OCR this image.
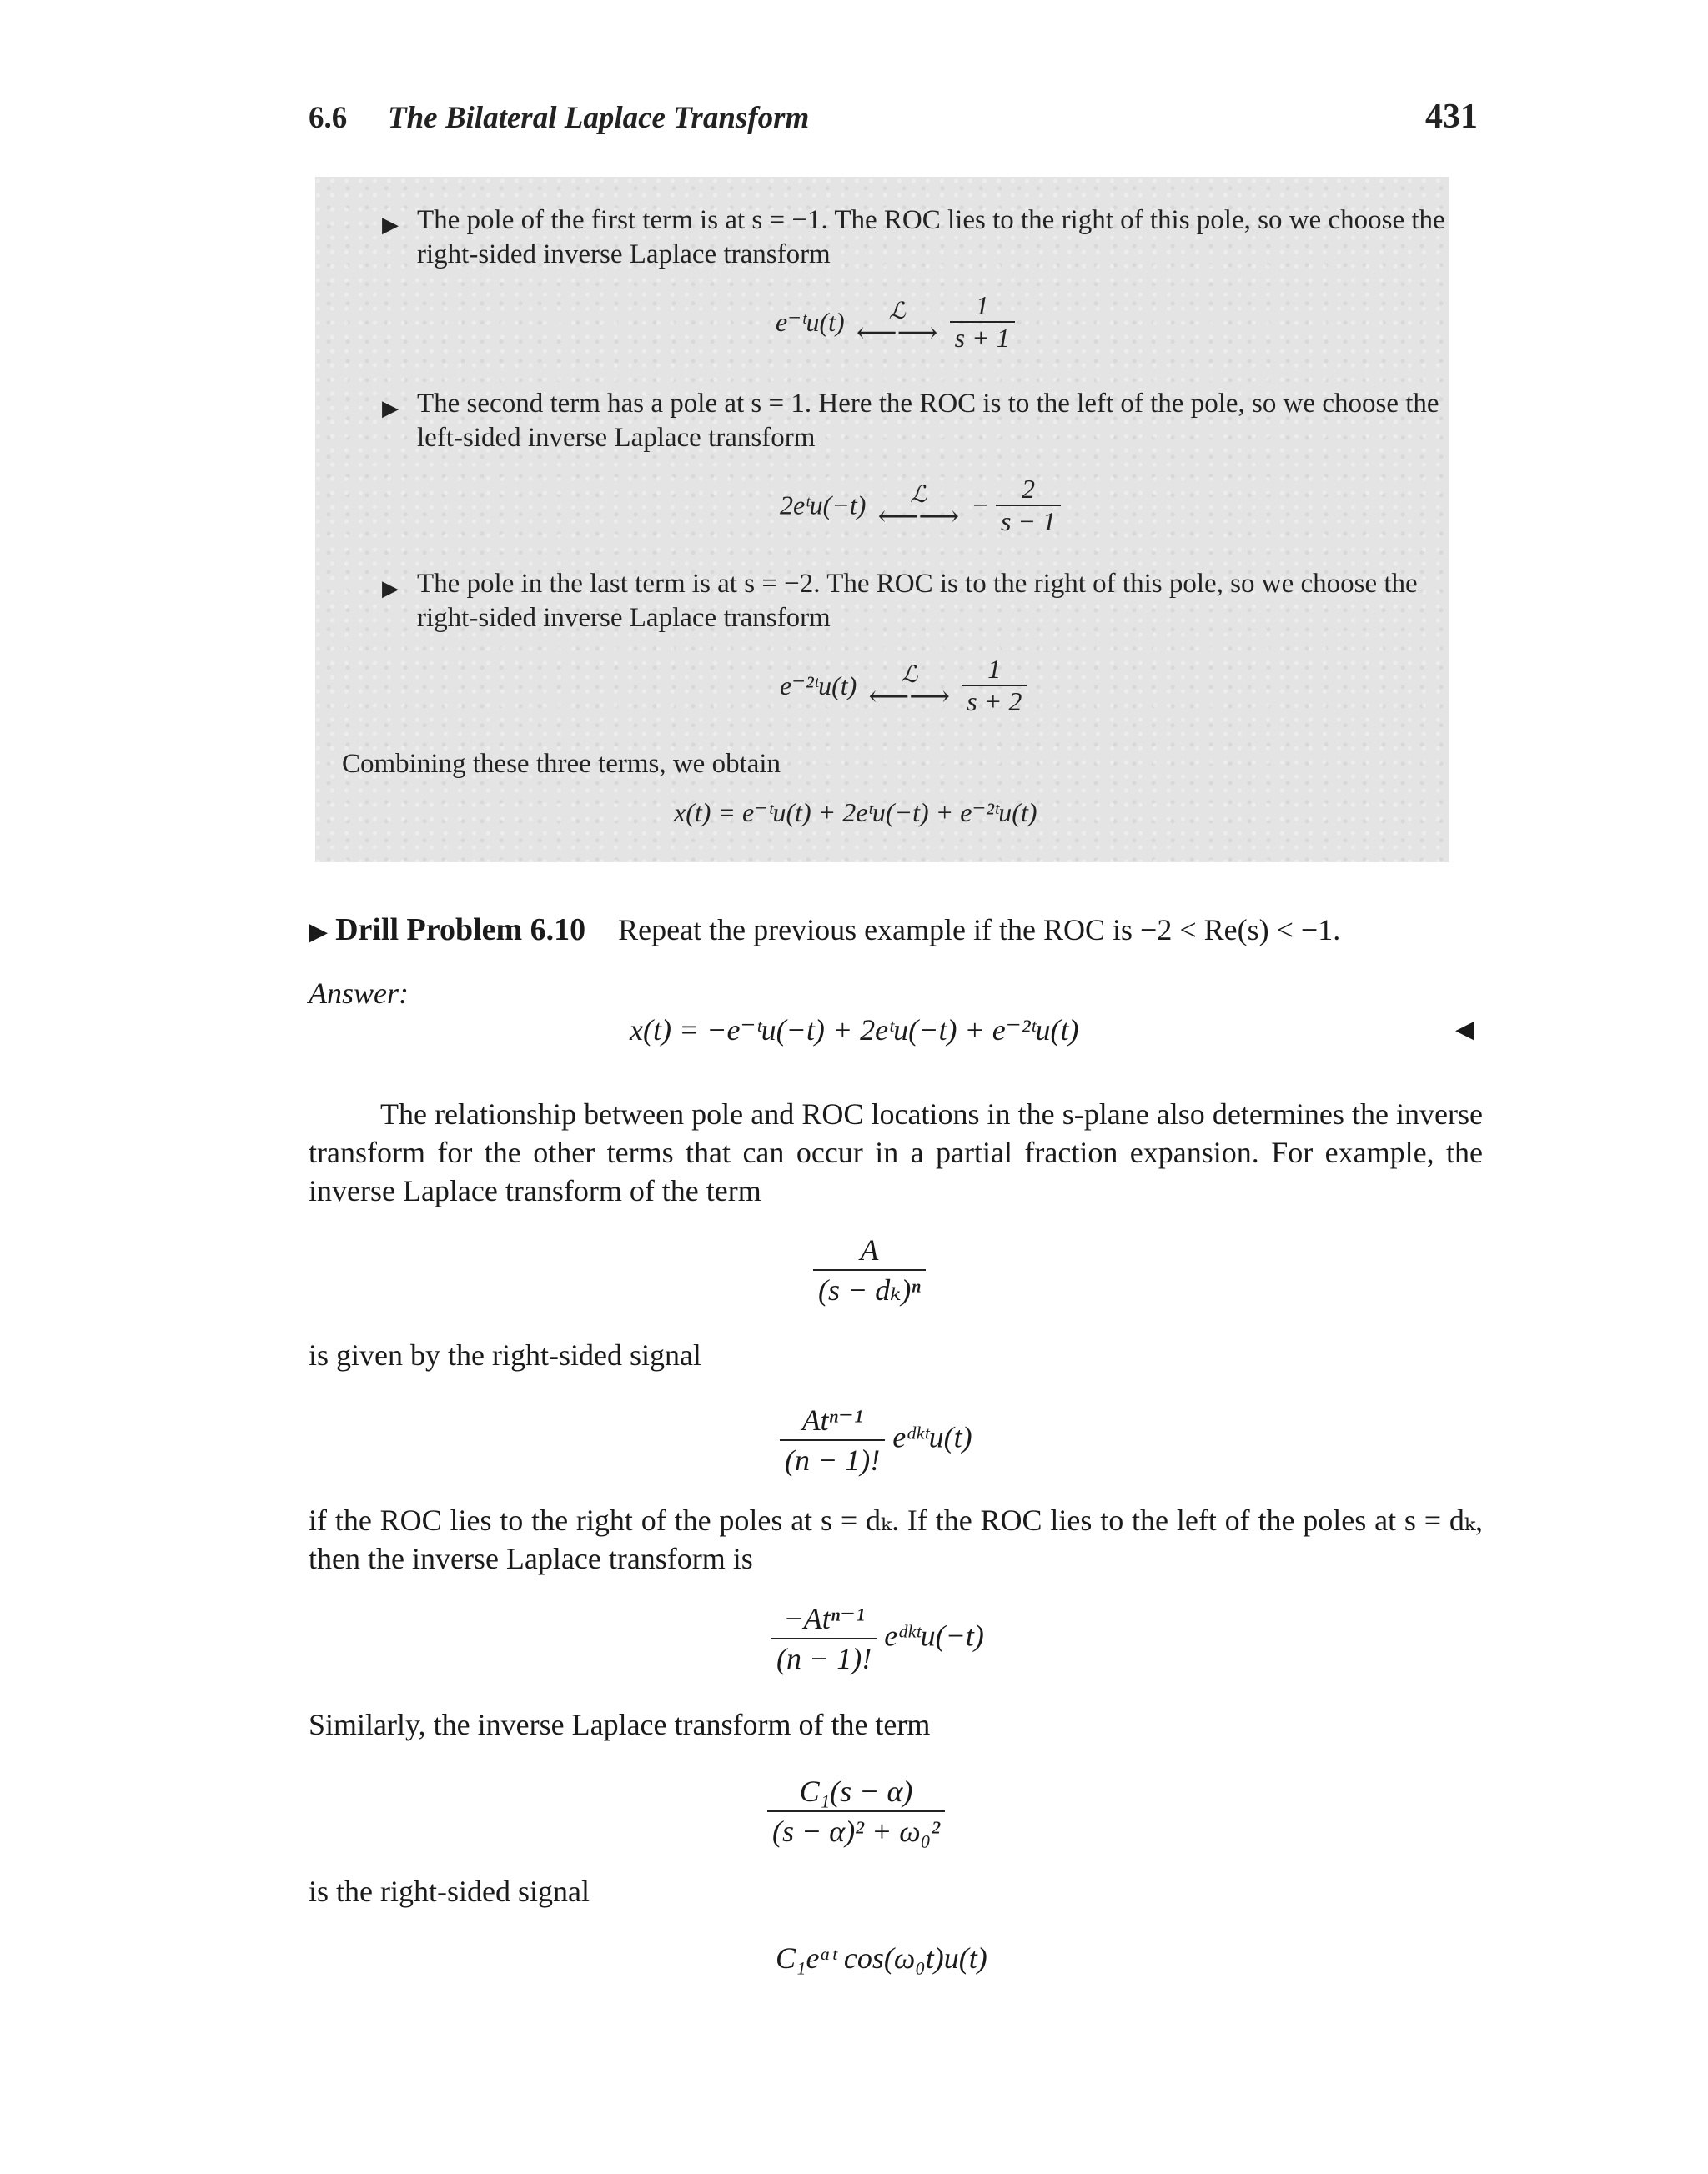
6.6 The Bilateral Laplace Transform	431
▶ The pole of the first term is at s = −1. The ROC lies to the right of this pole, so we choose the right-sided inverse Laplace transform
e⁻ᵗu(t)	ℒ
⟵⟶
$\frac{1}{s + 1}$
▶ The second term has a pole at s = 1. Here the ROC is to the left of the pole, so we choose the left-sided inverse Laplace transform
2eᵗu(−t)	ℒ
⟵⟶ − $\frac{2}{s - 1}$
▶ The pole in the last term is at s = −2. The ROC is to the right of this pole, so we choose the right-sided inverse Laplace transform
e⁻²ᵗu(t)	ℒ
⟵⟶
$\frac{1}{s + 2}$
Combining these three terms, we obtain
x(t) = e⁻ᵗu(t) + 2eᵗu(−t) + e⁻²ᵗu(t)
▶ Drill Problem 6.10 Repeat the previous example if the ROC is −2 < Re(s) < −1.
Answer:
x(t) = −e⁻ᵗu(−t) + 2eᵗu(−t) + e⁻²ᵗu(t)	◀
The relationship between pole and ROC locations in the s-plane also determines the inverse transform for the other terms that can occur in a partial fraction expansion. For example, the inverse Laplace transform of the term
$\frac{A}{\text{(s − dₖ)ⁿ}}$
is given by the right-sided signal
$\frac{\text{Atⁿ⁻¹}}{(n - 1)!}$ eᵈᵏᵗu(t)
if the ROC lies to the right of the poles at s = dₖ. If the ROC lies to the left of the poles at s = dₖ, then the inverse Laplace transform is
$\frac{\text{−Atⁿ⁻¹}}{(n - 1)!}$ eᵈᵏᵗu(−t)
Similarly, the inverse Laplace transform of the term
$\frac{\text{C₁(s − α)}}{\text{(s − α)² + ω₀²}}$
is the right-sided signal
C₁eᵅᵗ cos(ω₀t)u(t)
